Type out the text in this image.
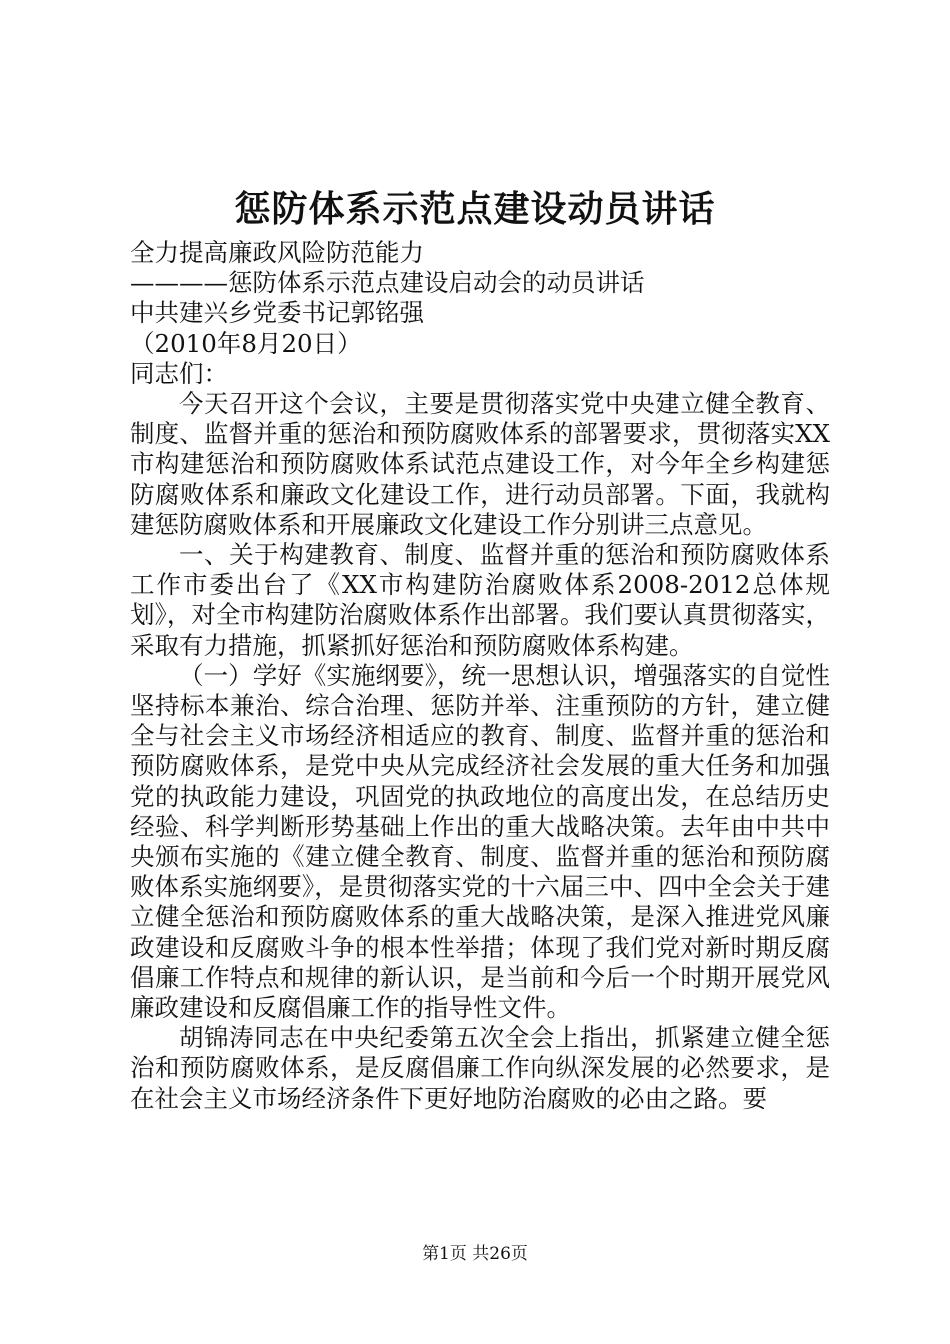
惩防体系示范点建设动员讲话

全力提高廉政风险防范能力

————惩防体系示范点建设启动会的动员讲话

中共建兴乡党委书记郭铭强

（2010年8月20日）

同志们：

今天召开这个会议，主要是贯彻落实党中央建立健全教育、制度、监督并重的惩治和预防腐败体系的部署要求，贯彻落实XX市构建惩治和预防腐败体系试范点建设工作，对今年全乡构建惩防腐败体系和廉政文化建设工作，进行动员部署。下面，我就构建惩防腐败体系和开展廉政文化建设工作分别讲三点意见。

一、关于构建教育、制度、监督并重的惩治和预防腐败体系工作市委出台了《XX市构建防治腐败体系2008-2012总体规划》，对全市构建防治腐败体系作出部署。我们要认真贯彻落实，采取有力措施，抓紧抓好惩治和预防腐败体系构建。

（一）学好《实施纲要》，统一思想认识，增强落实的自觉性坚持标本兼治、综合治理、惩防并举、注重预防的方针，建立健全与社会主义市场经济相适应的教育、制度、监督并重的惩治和预防腐败体系，是党中央从完成经济社会发展的重大任务和加强党的执政能力建设，巩固党的执政地位的高度出发，在总结历史经验、科学判断形势基础上作出的重大战略决策。去年由中共中央颁布实施的《建立健全教育、制度、监督并重的惩治和预防腐败体系实施纲要》，是贯彻落实党的十六届三中、四中全会关于建立健全惩治和预防腐败体系的重大战略决策，是深入推进党风廉政建设和反腐败斗争的根本性举措；体现了我们党对新时期反腐倡廉工作特点和规律的新认识，是当前和今后一个时期开展党风廉政建设和反腐倡廉工作的指导性文件。

胡锦涛同志在中央纪委第五次全会上指出，抓紧建立健全惩治和预防腐败体系，是反腐倡廉工作向纵深发展的必然要求，是在社会主义市场经济条件下更好地防治腐败的必由之路。要

第1页 共26页
